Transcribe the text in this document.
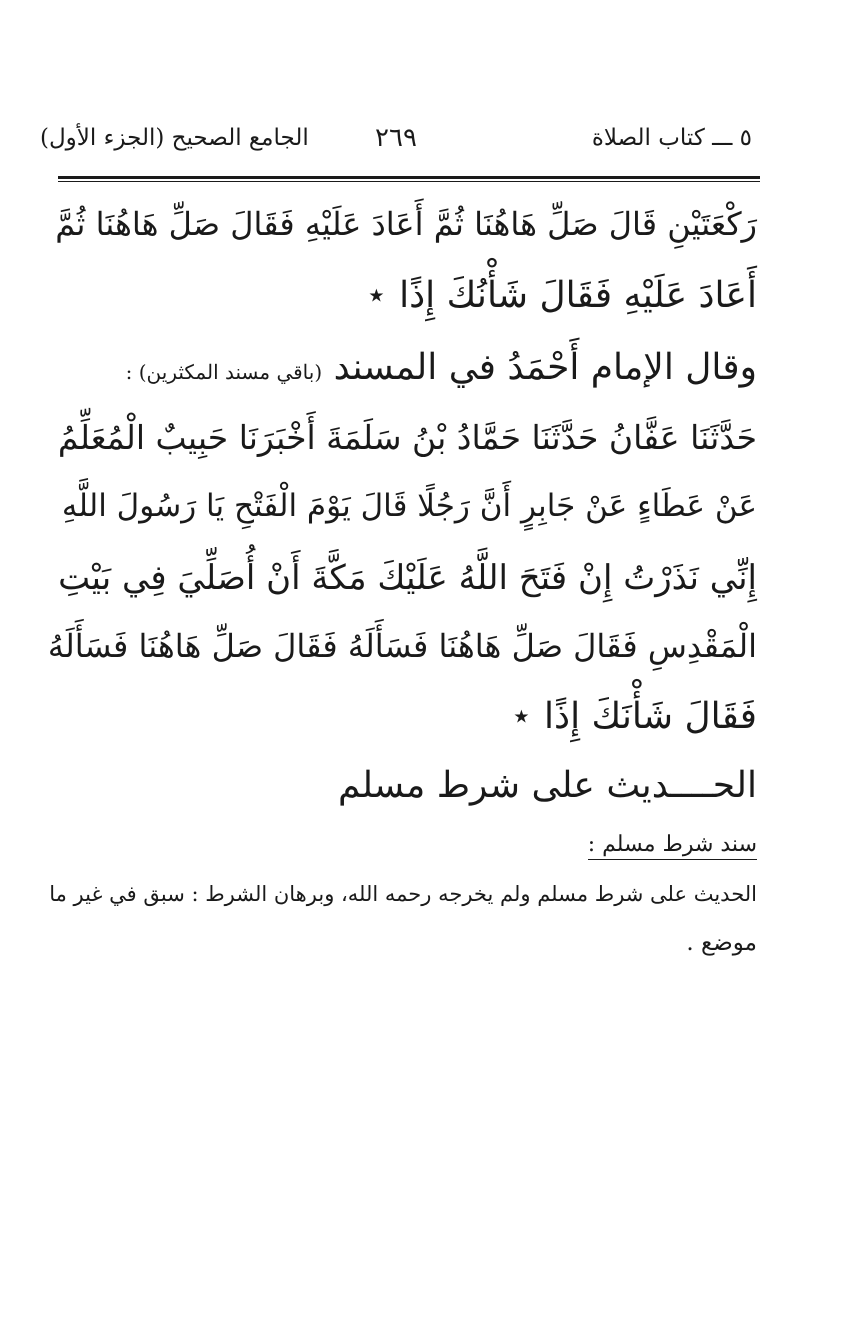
٥ ـــ كتاب الصلاة
٢٦٩
الجامع الصحيح (الجزء الأول)
رَكْعَتَيْنِ قَالَ صَلِّ هَاهُنَا ثُمَّ أَعَادَ عَلَيْهِ فَقَالَ صَلِّ هَاهُنَا ثُمَّ
أَعَادَ عَلَيْهِ فَقَالَ شَأْنُكَ إِذًا ⋆
وقال الإمام أَحْمَدُ في المسند (باقي مسند المكثرين) :
حَدَّثَنَا عَفَّانُ حَدَّثَنَا حَمَّادُ بْنُ سَلَمَةَ أَخْبَرَنَا حَبِيبٌ الْمُعَلِّمُ
عَنْ عَطَاءٍ عَنْ جَابِرٍ أَنَّ رَجُلًا قَالَ يَوْمَ الْفَتْحِ يَا رَسُولَ اللَّهِ
إِنِّي نَذَرْتُ إِنْ فَتَحَ اللَّهُ عَلَيْكَ مَكَّةَ أَنْ أُصَلِّيَ فِي بَيْتِ
الْمَقْدِسِ فَقَالَ صَلِّ هَاهُنَا فَسَأَلَهُ فَقَالَ صَلِّ هَاهُنَا فَسَأَلَهُ
فَقَالَ شَأْنَكَ إِذًا ⋆
الحــــديث على شرط مسلم
سند شرط مسلم :
الحديث على شرط مسلم ولم يخرجه رحمه الله، وبرهان الشرط : سبق في غير ما
موضع .
